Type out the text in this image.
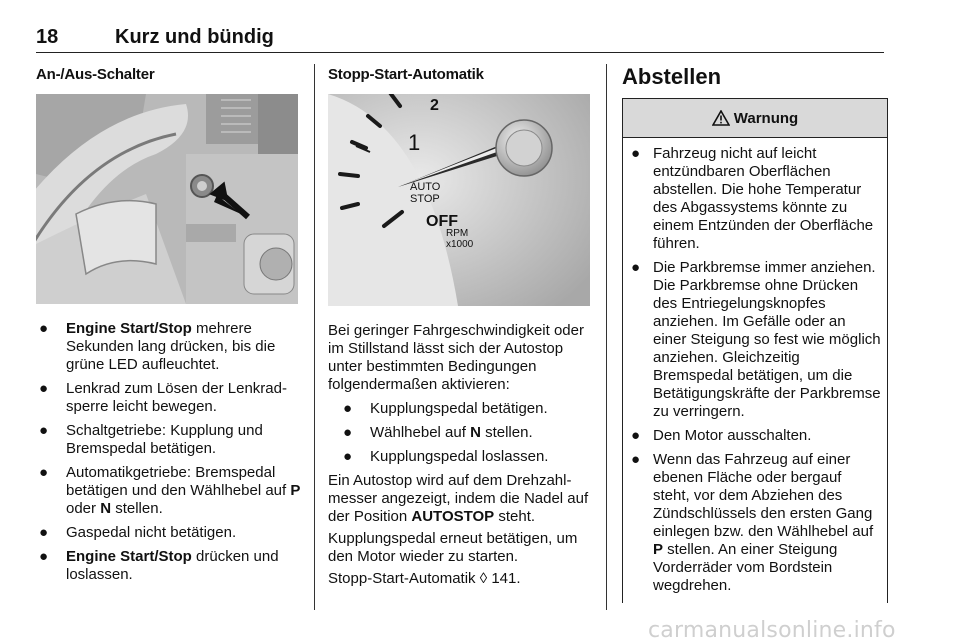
18	Kurz und bündig
An-/Aus-Schalter
● Engine Start/Stop mehrere Sekunden lang drücken, bis die grüne LED aufleuchtet.
● Lenkrad zum Lösen der Lenkradsperre leicht bewegen.
● Schaltgetriebe: Kupplung und Bremspedal betätigen.
● Automatikgetriebe: Bremspedal betätigen und den Wählhebel auf P oder N stellen.
● Gaspedal nicht betätigen.
● Engine Start/Stop drücken und loslassen.
Stopp-Start-Automatik
2
1
AUTO
STOP
OFF
RPM
x1000

Bei geringer Fahrgeschwindigkeit oder im Stillstand lässt sich der Autostop unter bestimmten Bedingungen folgendermaßen aktivieren:

● Kupplungspedal betätigen.
● Wählhebel auf N stellen.
● Kupplungspedal loslassen.

Ein Autostop wird auf dem Drehzahlmesser angezeigt, indem die Nadel auf der Position AUTOSTOP steht.

Kupplungspedal erneut betätigen, um den Motor wieder zu starten.

Stopp-Start-Automatik ◊ 141.

Abstellen
Warnung
● Fahrzeug nicht auf leicht entzündbaren Oberflächen abstellen. Die hohe Temperatur des Abgassystems könnte zu einem Entzünden der Oberfläche führen.
● Die Parkbremse immer anziehen. Die Parkbremse ohne Drücken des Entriegelungsknopfes anziehen. Im Gefälle oder an einer Steigung so fest wie möglich anziehen. Gleichzeitig Bremspedal betätigen, um die Betätigungskräfte der Parkbremse zu verringern.
● Den Motor ausschalten.
● Wenn das Fahrzeug auf einer ebenen Fläche oder bergauf steht, vor dem Abziehen des Zündschlüssels den ersten Gang einlegen bzw. den Wählhebel auf P stellen. An einer Steigung Vorderräder vom Bordstein wegdrehen.
carmanualsonline.info
